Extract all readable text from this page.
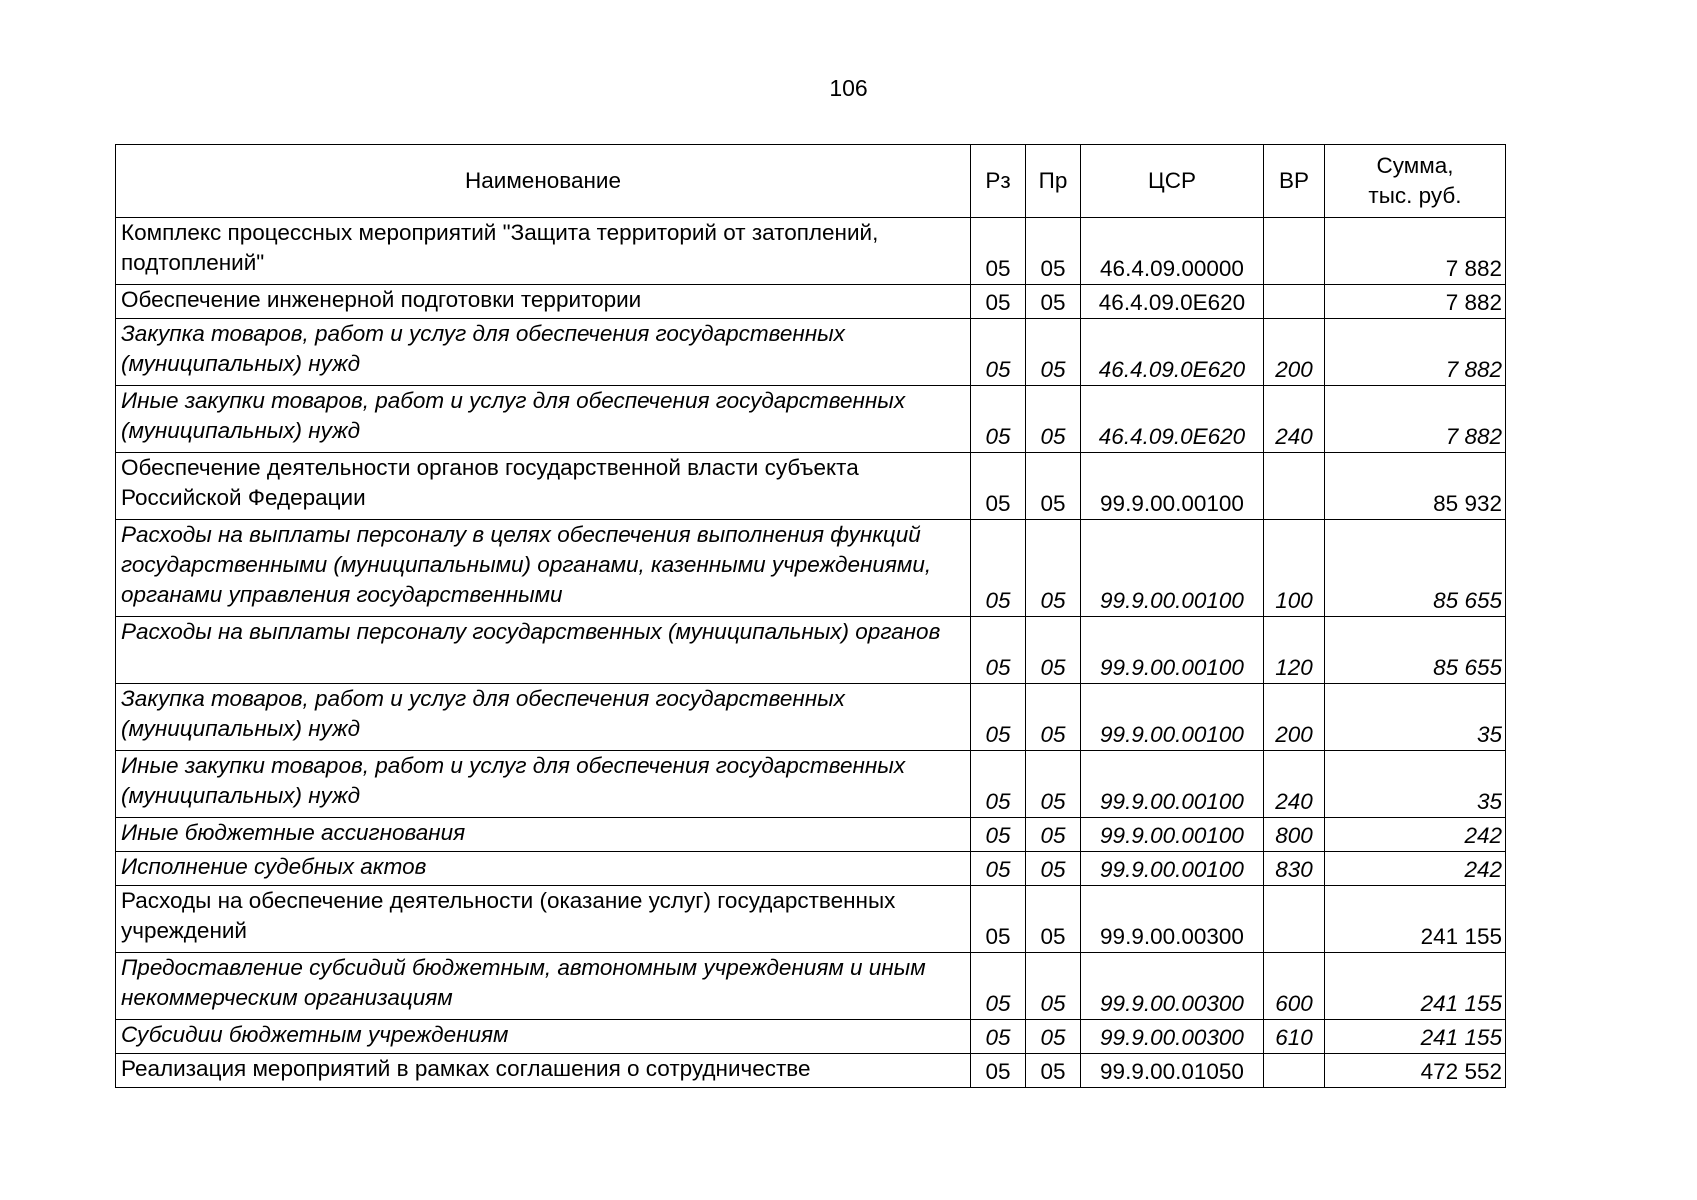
106
Наименование	Рз	Пр	ЦСР	ВР	Сумма,
тыс. руб.

Комплекс процессных мероприятий "Защита территорий от затоплений, подтоплений"	05	05	46.4.09.00000		7 882

Обеспечение инженерной подготовки территории	05	05	46.4.09.0Е620		7 882

Закупка товаров, работ и услуг для обеспечения государственных (муниципальных) нужд	05	05	46.4.09.0Е620	200	7 882

Иные закупки товаров, работ и услуг для обеспечения государственных (муниципальных) нужд	05	05	46.4.09.0Е620	240	7 882

Обеспечение деятельности органов государственной власти субъекта Российской Федерации	05	05	99.9.00.00100		85 932

Расходы на выплаты персоналу в целях обеспечения выполнения функций государственными (муниципальными) органами, казенными учреждениями, органами управления государственными	05	05	99.9.00.00100	100	85 655

Расходы на выплаты персоналу государственных (муниципальных) органов	05	05	99.9.00.00100	120	85 655

Закупка товаров, работ и услуг для обеспечения государственных (муниципальных) нужд	05	05	99.9.00.00100	200	35

Иные закупки товаров, работ и услуг для обеспечения государственных (муниципальных) нужд	05	05	99.9.00.00100	240	35

Иные бюджетные ассигнования	05	05	99.9.00.00100	800	242

Исполнение судебных актов	05	05	99.9.00.00100	830	242

Расходы на обеспечение деятельности (оказание услуг) государственных учреждений	05	05	99.9.00.00300		241 155

Предоставление субсидий бюджетным, автономным учреждениям и иным некоммерческим организациям	05	05	99.9.00.00300	600	241 155

Субсидии бюджетным учреждениям	05	05	99.9.00.00300	610	241 155

Реализация мероприятий в рамках соглашения о сотрудничестве	05	05	99.9.00.01050		472 552
